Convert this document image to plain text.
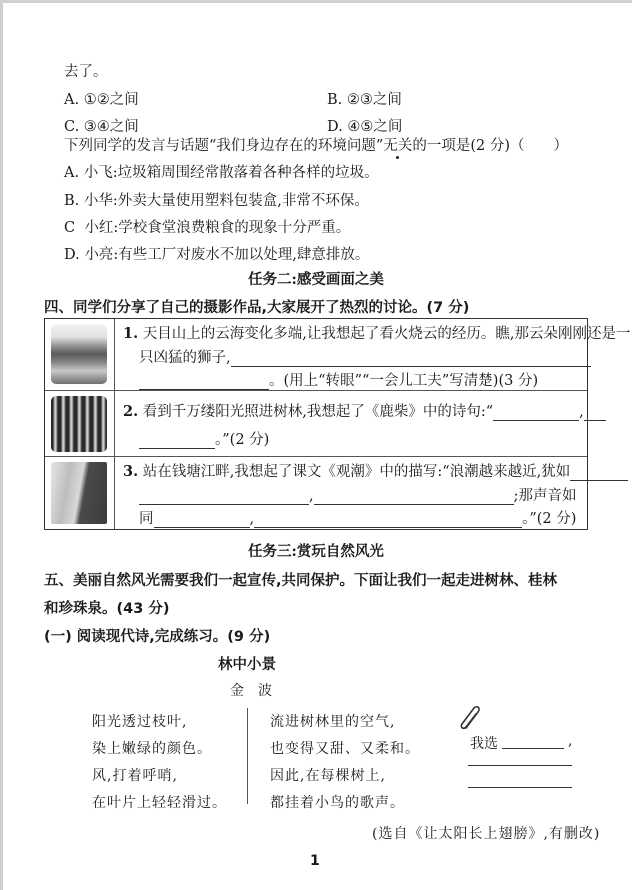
去了。
A. ①②之间	B. ②③之间
C. ③④之间	D. ④⑤之间
下列同学的发言与话题“我们身边存在的环境问题”无关的一项是(2 分)（　　）
A. 小飞:垃圾箱周围经常散落着各种各样的垃圾。
B. 小华:外卖大量使用塑料包装盒,非常不环保。
C 小红:学校食堂浪费粮食的现象十分严重。
D. 小亮:有些工厂对废水不加以处理,肆意排放。
任务二:感受画面之美
四、同学们分享了自己的摄影作品,大家展开了热烈的讨论。(7 分)
1. 天目山上的云海变化多端,让我想起了看火烧云的经历。瞧,那云朵刚刚还是一
只凶猛的狮子,
。(用上“转眼”“一会儿工夫”写清楚)(3 分)
2. 看到千万缕阳光照进树林,我想起了《鹿柴》中的诗句:“	,
。”(2 分)
3. 站在钱塘江畔,我想起了课文《观潮》中的描写:“浪潮越来越近,犹如
,	;那声音如
同	,	。”(2 分)
任务三:赏玩自然风光
五、美丽自然风光需要我们一起宣传,共同保护。下面让我们一起走进树林、桂林
和珍珠泉。(43 分)
(一) 阅读现代诗,完成练习。(9 分)
林中小景
金　波
阳光透过枝叶,
染上嫩绿的颜色。
风,打着呼哨,
在叶片上轻轻滑过。
流进树林里的空气,
也变得又甜、又柔和。
因此,在每棵树上,
都挂着小鸟的歌声。
我选	,
(选自《让太阳长上翅膀》,有删改)
1
